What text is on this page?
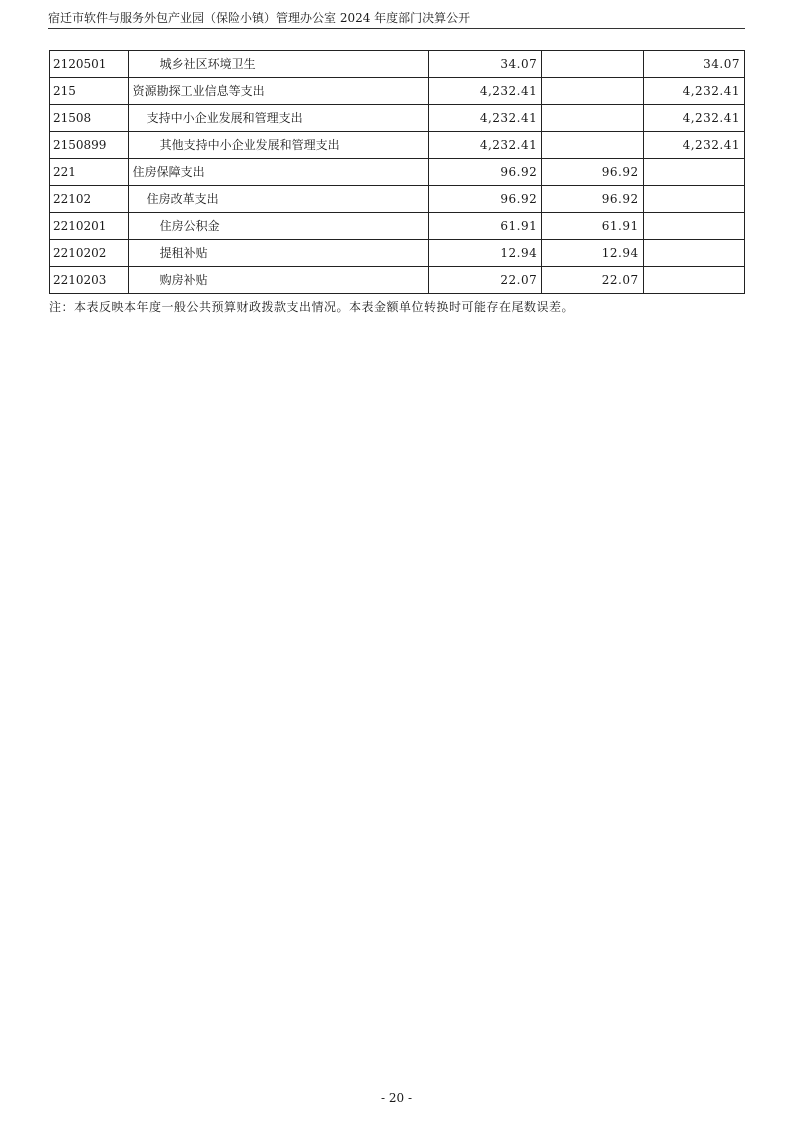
宿迁市软件与服务外包产业园（保险小镇）管理办公室 2024 年度部门决算公开
2120501	城乡社区环境卫生	34.07		34.07
215	资源勘探工业信息等支出	4,232.41		4,232.41
21508	支持中小企业发展和管理支出	4,232.41		4,232.41
2150899	其他支持中小企业发展和管理支出	4,232.41		4,232.41
221	住房保障支出	96.92	96.92	
22102	住房改革支出	96.92	96.92	
2210201	住房公积金	61.91	61.91	
2210202	提租补贴	12.94	12.94	
2210203	购房补贴	22.07	22.07	
注：本表反映本年度一般公共预算财政拨款支出情况。本表金额单位转换时可能存在尾数误差。
- 20 -
